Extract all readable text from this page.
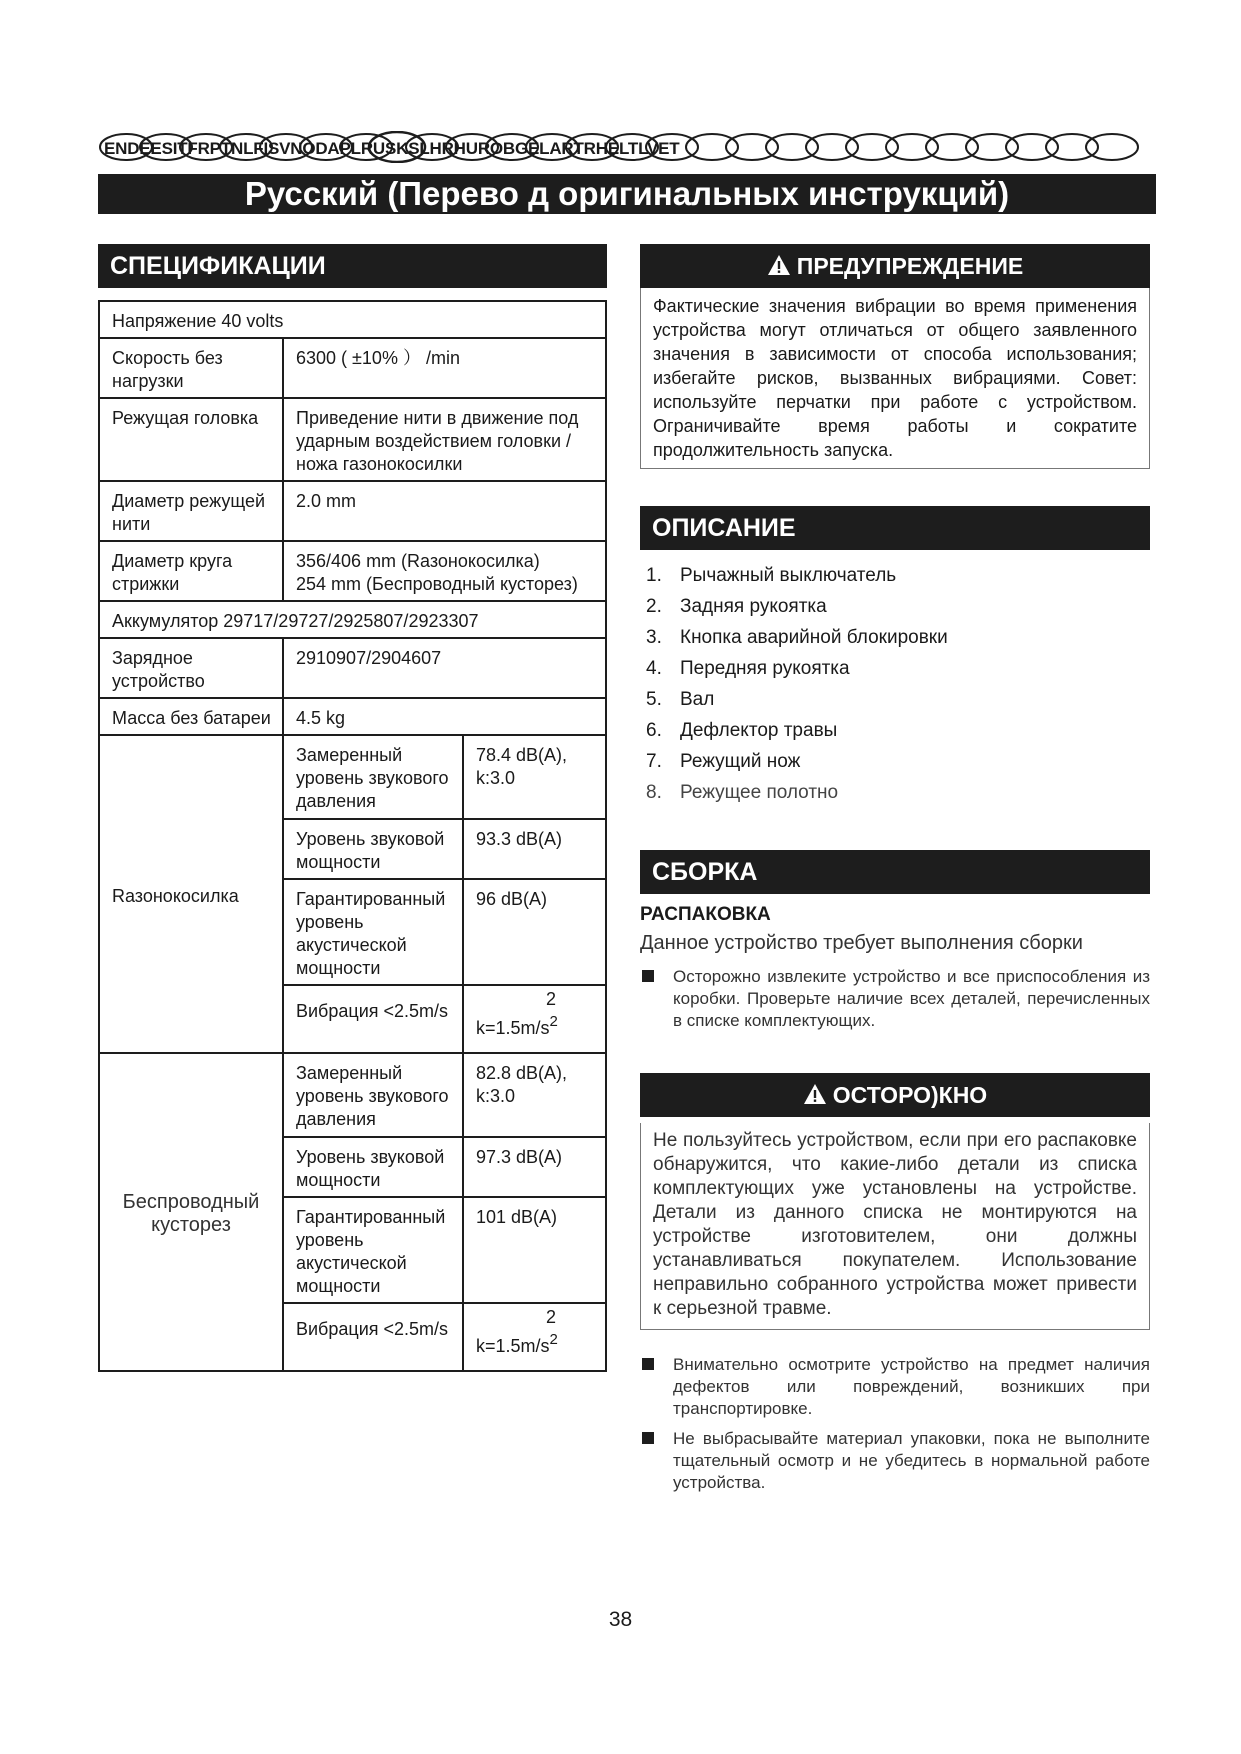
ENDEESITFRPTNLFISVNODAPLRUSKSLHRHUROBGELARTRHELTLVET
Русский (Перево д оригинальных инструкций)
СПЕЦИФИКАЦИИ
Напряжение 40 volts		
Скорость без нагрузки	6300 ( ±10% ） /min	
Режущая головка	Приведение нити в движение под ударным воздействием головки / ножа газонокосилки	
Диаметр режущей нити	2.0 mm	
Диаметр круга стрижки	356/406 mm (Rазонокосилка)
254 mm (Беспроводный кусторез)	

Аккумулятор 29717/29727/2925807/2923307		
Зарядное устройство	2910907/2904607	
Масса без батареи	4.5 kg	
Rазонокосилка	Замеренный уровень звукового давления	78.4 dB(A),
k:3.0

	Уровень звуковой мощности	93.3 dB(A)
	Гарантированный уровень акустической мощности	96 dB(A)
	Вибрация <2.5m/s	2
$k=1.5m/s^2$

Беспроводный кусторез	Замеренный уровень звукового давления	82.8 dB(A),
k:3.0

	Уровень звуковой мощности	97.3 dB(A)
	Гарантированный уровень акустической мощности	101 dB(A)
	Вибрация <2.5m/s	2
$k=1.5m/s^2$
ПРЕДУПРЕЖДЕНИЕ
Фактические значения вибрации во время применения устройства могут отличаться от общего заявленного значения в зависимости от способа использования; избегайте рисков, вызванных вибрациями. Совет: используйте перчатки при работе с устройством. Ограничивайте время работы и сократите продолжительность запуска.
ОПИСАНИЕ
1. Рычажный выключатель
2. Задняя рукоятка
3. Кнопка аварийной блокировки
4. Передняя рукоятка
5. Вал
6. Дефлектор травы
7. Режущий нож
8. Режущее полотно
СБОРКА
РАСПАКОВКА
Данное устройство требует выполнения сборки
Осторожно извлеките устройство и все приспособления из коробки. Проверьте наличие всех деталей, перечисленных в списке комплектующих.
ОСТОРО)КНО
Не пользуйтесь устройством, если при его распаковке обнаружится, что какие-либо детали из списка комплектующих уже установлены на устройстве. Детали из данного списка не монтируются на устройстве изготовителем, они должны устанавливаться покупателем. Использование неправильно собранного устройства может привести к серьезной травме.
Внимательно осмотрите устройство на предмет наличия дефектов или повреждений, возникших при транспортировке.
Не выбрасывайте материал упаковки, пока не выполните тщательный осмотр и не убедитесь в нормальной работе устройства.
38
